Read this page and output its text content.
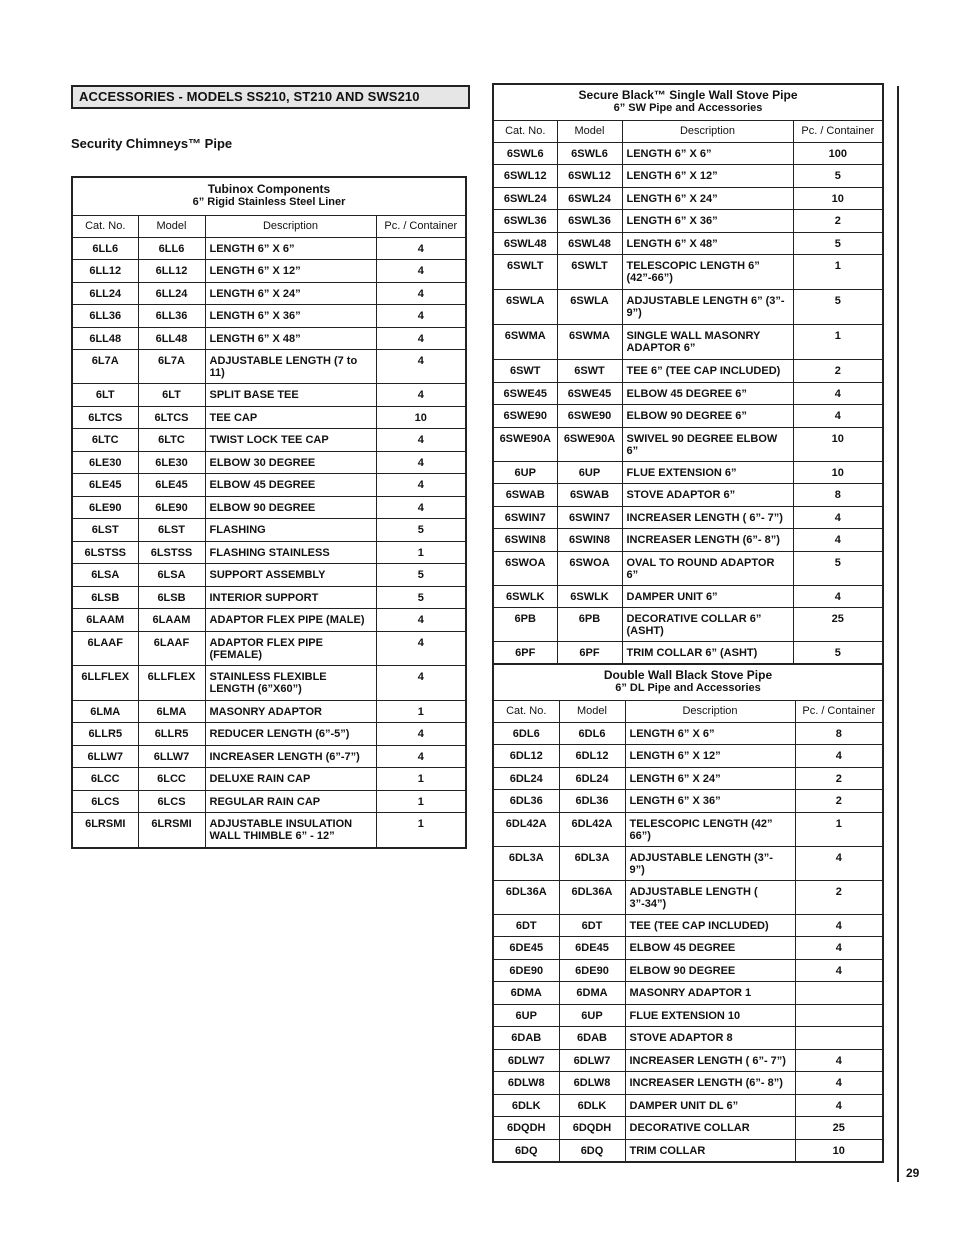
ACCESSORIES - MODELS SS210, ST210 AND SWS210
Security Chimneys™ Pipe
Tubinox Components
6” Rigid Stainless Steel Liner			

Cat. No.	Model	Description	Pc. / Container
6LL6	6LL6	LENGTH 6” X 6”	4
6LL12	6LL12	LENGTH 6” X 12”	4
6LL24	6LL24	LENGTH 6” X 24”	4
6LL36	6LL36	LENGTH 6” X 36”	4
6LL48	6LL48	LENGTH 6” X 48”	4
6L7A	6L7A	ADJUSTABLE LENGTH (7 to 11)	4
6LT	6LT	SPLIT BASE TEE	4
6LTCS	6LTCS	TEE CAP	10
6LTC	6LTC	TWIST LOCK TEE CAP	4
6LE30	6LE30	ELBOW 30 DEGREE	4
6LE45	6LE45	ELBOW 45 DEGREE	4
6LE90	6LE90	ELBOW 90 DEGREE	4
6LST	6LST	FLASHING	5
6LSTSS	6LSTSS	FLASHING STAINLESS	1
6LSA	6LSA	SUPPORT ASSEMBLY	5
6LSB	6LSB	INTERIOR SUPPORT	5
6LAAM	6LAAM	ADAPTOR FLEX PIPE (MALE)	4
6LAAF	6LAAF	ADAPTOR FLEX PIPE (FEMALE)	4
6LLFLEX	6LLFLEX	STAINLESS FLEXIBLE LENGTH (6”X60”)	4
6LMA	6LMA	MASONRY ADAPTOR	1
6LLR5	6LLR5	REDUCER LENGTH (6”-5”)	4
6LLW7	6LLW7	INCREASER LENGTH (6”-7”)	4
6LCC	6LCC	DELUXE RAIN CAP	1
6LCS	6LCS	REGULAR RAIN CAP	1
6LRSMI	6LRSMI	ADJUSTABLE INSULATION WALL THIMBLE 6” - 12”	1
Secure Black™ Single Wall Stove Pipe
6” SW Pipe and Accessories			

Cat. No.	Model	Description	Pc. / Container
6SWL6	6SWL6	LENGTH 6” X 6”	100
6SWL12	6SWL12	LENGTH 6” X 12”	5
6SWL24	6SWL24	LENGTH 6” X 24”	10
6SWL36	6SWL36	LENGTH 6” X 36”	2
6SWL48	6SWL48	LENGTH 6” X 48”	5
6SWLT	6SWLT	TELESCOPIC LENGTH 6” (42”-66”)	1
6SWLA	6SWLA	ADJUSTABLE LENGTH 6” (3”- 9”)	5
6SWMA	6SWMA	SINGLE WALL MASONRY ADAPTOR 6”	1
6SWT	6SWT	TEE 6” (TEE CAP INCLUDED)	2
6SWE45	6SWE45	ELBOW 45 DEGREE 6”	4
6SWE90	6SWE90	ELBOW 90 DEGREE 6”	4
6SWE90A	6SWE90A	SWIVEL 90 DEGREE ELBOW 6”	10
6UP	6UP	FLUE EXTENSION 6”	10
6SWAB	6SWAB	STOVE ADAPTOR 6”	8
6SWIN7	6SWIN7	INCREASER LENGTH ( 6”- 7”)	4
6SWIN8	6SWIN8	INCREASER LENGTH (6”- 8”)	4
6SWOA	6SWOA	OVAL TO ROUND ADAPTOR 6”	5
6SWLK	6SWLK	DAMPER UNIT 6”	4
6PB	6PB	DECORATIVE COLLAR 6” (ASHT)	25
6PF	6PF	TRIM COLLAR 6” (ASHT)	5
Double Wall Black Stove Pipe
6” DL Pipe and Accessories			

Cat. No.	Model	Description	Pc. / Container
6DL6	6DL6	LENGTH 6” X 6”	8
6DL12	6DL12	LENGTH 6” X 12”	4
6DL24	6DL24	LENGTH 6” X 24”	2
6DL36	6DL36	LENGTH 6” X 36”	2
6DL42A	6DL42A	TELESCOPIC LENGTH (42” 66”)	1
6DL3A	6DL3A	ADJUSTABLE LENGTH (3”- 9”)	4
6DL36A	6DL36A	ADJUSTABLE LENGTH ( 3”-34”)	2
6DT	6DT	TEE (TEE CAP INCLUDED)	4
6DE45	6DE45	ELBOW 45 DEGREE	4
6DE90	6DE90	ELBOW 90 DEGREE	4
6DMA	6DMA	MASONRY ADAPTOR 1	
6UP	6UP	FLUE EXTENSION 10	
6DAB	6DAB	STOVE ADAPTOR 8	
6DLW7	6DLW7	INCREASER LENGTH ( 6”- 7”)	4
6DLW8	6DLW8	INCREASER LENGTH (6”- 8”)	4
6DLK	6DLK	DAMPER UNIT DL 6”	4
6DQDH	6DQDH	DECORATIVE COLLAR	25
6DQ	6DQ	TRIM COLLAR	10
29
